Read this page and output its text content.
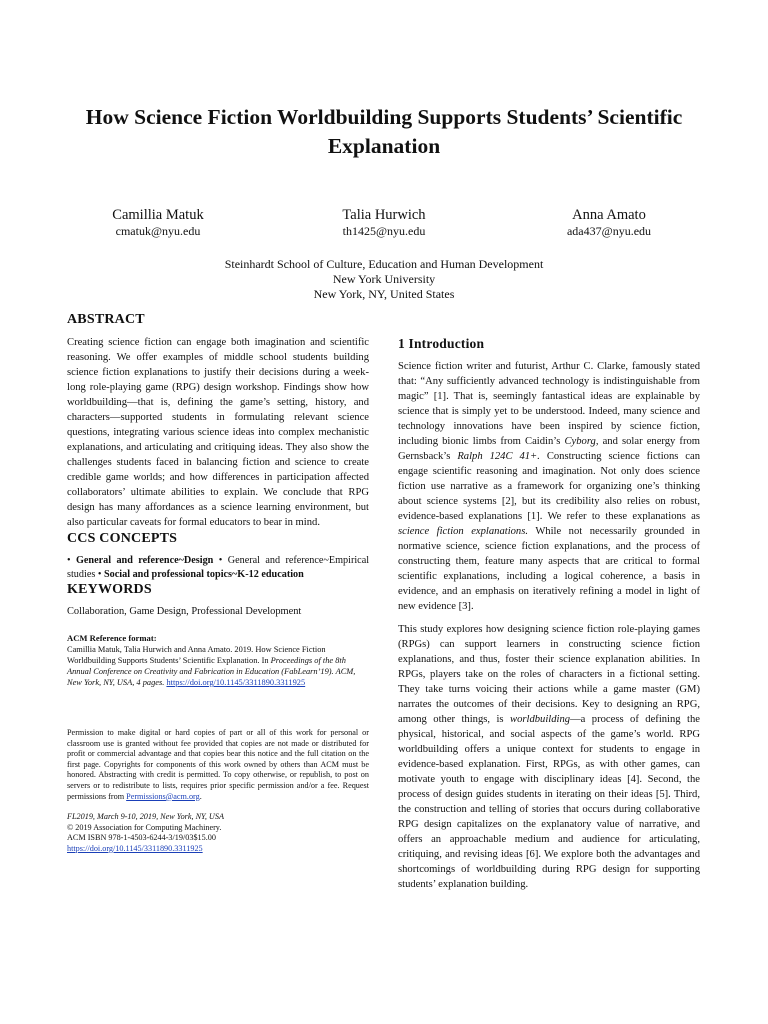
How Science Fiction Worldbuilding Supports Students’ Scientific
Explanation
Camillia Matuk
cmatuk@nyu.edu
Talia Hurwich
th1425@nyu.edu
Anna Amato
ada437@nyu.edu
Steinhardt School of Culture, Education and Human Development
New York University
New York, NY, United States
ABSTRACT

Creating science fiction can engage both imagination and scientific reasoning. We offer examples of middle school students building science fiction explanations to justify their decisions during a week-long role-playing game (RPG) design workshop. Findings show how worldbuilding—that is, defining the game’s setting, history, and characters—supported students in formulating relevant science questions, integrating various science ideas into complex mechanistic explanations, and articulating and critiquing ideas. They also show the challenges students faced in balancing fiction and science to create credible game worlds; and how differences in participation affected collaborators’ ultimate abilities to explain. We conclude that RPG design has many affordances as a science learning environment, but also particular caveats for formal educators to bear in mind.

CCS CONCEPTS

• General and reference~Design • General and reference~Empirical studies • Social and professional topics~K-12 education

KEYWORDS

Collaboration, Game Design, Professional Development

ACM Reference format:
Camillia Matuk, Talia Hurwich and Anna Amato. 2019. How Science Fiction Worldbuilding Supports Students’ Scientific Explanation. In Proceedings of the 8th Annual Conference on Creativity and Fabrication in Education (FabLearn’19). ACM, New York, NY, USA, 4 pages. https://doi.org/10.1145/3311890.3311925

Permission to make digital or hard copies of part or all of this work for personal or classroom use is granted without fee provided that copies are not made or distributed for profit or commercial advantage and that copies bear this notice and the full citation on the first page. Copyrights for components of this work owned by others than ACM must be honored. Abstracting with credit is permitted. To copy otherwise, or republish, to post on servers or to redistribute to lists, requires prior specific permission and/or a fee. Request permissions from Permissions@acm.org.

FL2019, March 9-10, 2019, New York, NY, USA
© 2019 Association for Computing Machinery.
ACM ISBN 978-1-4503-6244-3/19/03$15.00
https://doi.org/10.1145/3311890.3311925
1 Introduction

Science fiction writer and futurist, Arthur C. Clarke, famously stated that: “Any sufficiently advanced technology is indistinguishable from magic” [1]. That is, seemingly fantastical ideas are explainable by science that is simply yet to be understood. Indeed, many science and technology innovations have been inspired by science fiction, including bionic limbs from Caidin’s Cyborg, and solar energy from Gernsback’s Ralph 124C 41+. Constructing science fictions can engage scientific reasoning and imagination. Not only does science fiction use narrative as a framework for organizing one’s thinking about science systems [2], but its credibility also relies on robust, evidence-based explanations [1]. We refer to these explanations as science fiction explanations. While not necessarily grounded in normative science, science fiction explanations, and the process of constructing them, feature many aspects that are critical to formal scientific explanations, including a logical coherence, a basis in evidence, and an emphasis on iteratively refining a model in light of new evidence [3].

This study explores how designing science fiction role-playing games (RPGs) can support learners in constructing science fiction explanations, and thus, foster their science explanation abilities. In RPGs, players take on the roles of characters in a fictional setting. They take turns voicing their actions while a game master (GM) narrates the outcomes of their decisions. Key to designing an RPG, among other things, is worldbuilding—a process of defining the physical, historical, and social aspects of the game’s world. RPG worldbuilding offers a unique context for students to engage in evidence-based explanation. First, RPGs, as with other games, can motivate youth to engage with disciplinary ideas [4]. Second, the process of design guides students in iterating on their ideas [5]. Third, the construction and telling of stories that occurs during collaborative RPG design capitalizes on the explanatory value of narrative, and offers an approachable medium and audience for articulating, critiquing, and revising ideas [6]. We explore both the advantages and shortcomings of worldbuilding during RPG design for supporting students’ explanation building.
